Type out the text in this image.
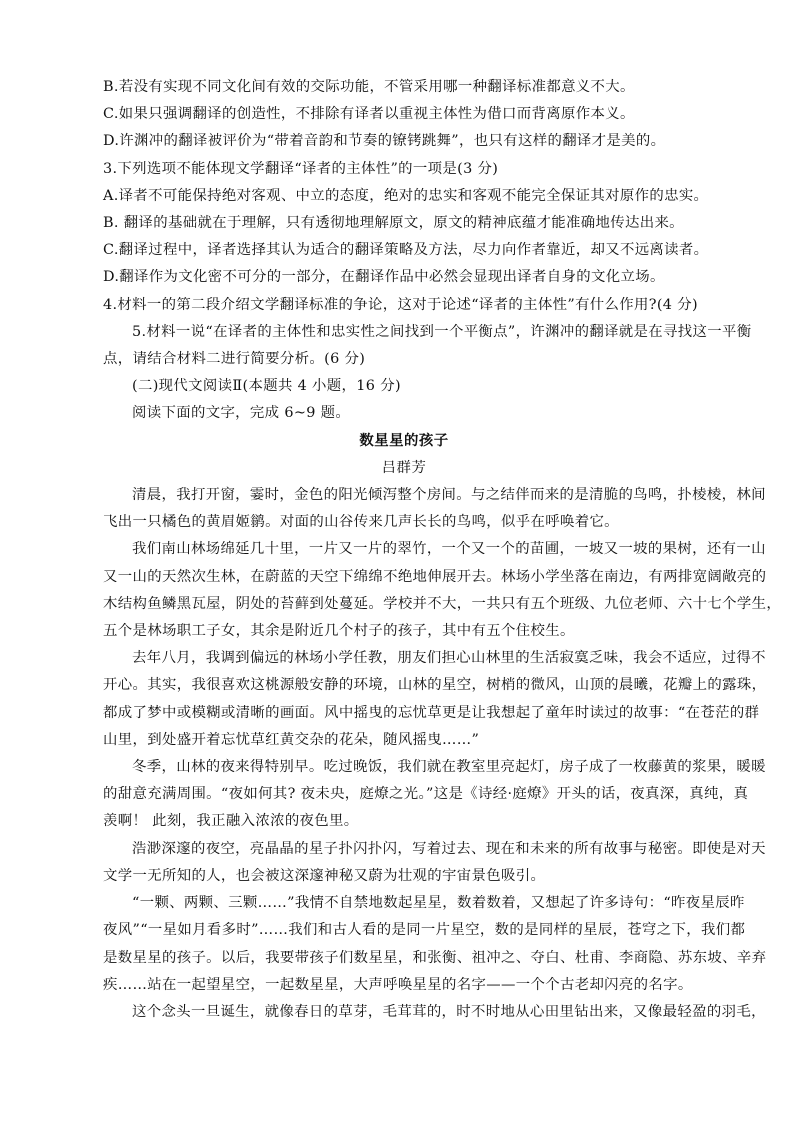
B.若没有实现不同文化间有效的交际功能，不管采用哪一种翻译标准都意义不大。

C.如果只强调翻译的创造性，不排除有译者以重视主体性为借口而背离原作本义。

D.许渊冲的翻译被评价为“带着音韵和节奏的镣铐跳舞”，也只有这样的翻译才是美的。

3.下列选项不能体现文学翻译“译者的主体性”的一项是(3 分)

A.译者不可能保持绝对客观、中立的态度，绝对的忠实和客观不能完全保证其对原作的忠实。

B. 翻译的基础就在于理解，只有透彻地理解原文，原文的精神底蕴才能准确地传达出来。

C.翻译过程中，译者选择其认为适合的翻译策略及方法，尽力向作者靠近，却又不远离读者。

D.翻译作为文化密不可分的一部分，在翻译作品中必然会显现出译者自身的文化立场。

4.材料一的第二段介绍文学翻译标准的争论，这对于论述“译者的主体性”有什么作用?(4 分)

5.材料一说“在译者的主体性和忠实性之间找到一个平衡点”，许渊冲的翻译就是在寻找这一平衡

点，请结合材料二进行简要分析。(6 分)

(二)现代文阅读Ⅱ(本题共 4 小题，16 分)

阅读下面的文字，完成 6~9 题。

数星星的孩子

吕群芳

清晨，我打开窗，霎时，金色的阳光倾泻整个房间。与之结伴而来的是清脆的鸟鸣，扑棱棱，林间

飞出一只橘色的黄眉姬鹟。对面的山谷传来几声长长的鸟鸣，似乎在呼唤着它。

我们南山林场绵延几十里，一片又一片的翠竹，一个又一个的苗圃，一坡又一坡的果树，还有一山

又一山的天然次生林，在蔚蓝的天空下绵绵不绝地伸展开去。林场小学坐落在南边，有两排宽阔敞亮的

木结构鱼鳞黑瓦屋，阴处的苔藓到处蔓延。学校并不大，一共只有五个班级、九位老师、六十七个学生，

五个是林场职工子女，其余是附近几个村子的孩子，其中有五个住校生。

去年八月，我调到偏远的林场小学任教，朋友们担心山林里的生活寂寞乏味，我会不适应，过得不

开心。其实，我很喜欢这桃源般安静的环境，山林的星空，树梢的微风，山顶的晨曦，花瓣上的露珠，

都成了梦中或模糊或清晰的画面。风中摇曳的忘忧草更是让我想起了童年时读过的故事：“在苍茫的群

山里，到处盛开着忘忧草红黄交杂的花朵，随风摇曳……”

冬季，山林的夜来得特别早。吃过晚饭，我们就在教室里亮起灯，房子成了一枚藤黄的浆果，暖暖

的甜意充满周围。“夜如何其? 夜未央，庭燎之光。”这是《诗经·庭燎》开头的话，夜真深，真纯，真

羡啊！ 此刻，我正融入浓浓的夜色里。

浩渺深邃的夜空，亮晶晶的星子扑闪扑闪，写着过去、现在和未来的所有故事与秘密。即使是对天

文学一无所知的人，也会被这深邃神秘又蔚为壮观的宇宙景色吸引。

“一颗、两颗、三颗……”我情不自禁地数起星星，数着数着，又想起了许多诗句：“昨夜星辰昨

夜风”“一星如月看多时”……我们和古人看的是同一片星空，数的是同样的星辰，苍穹之下，我们都

是数星星的孩子。以后，我要带孩子们数星星，和张衡、祖冲之、夺白、杜甫、李商隐、苏东坡、辛弃

疾……站在一起望星空，一起数星星，大声呼唤星星的名字——一个个古老却闪亮的名字。

这个念头一旦诞生，就像春日的草芽，毛茸茸的，时不时地从心田里钻出来，又像最轻盈的羽毛，
